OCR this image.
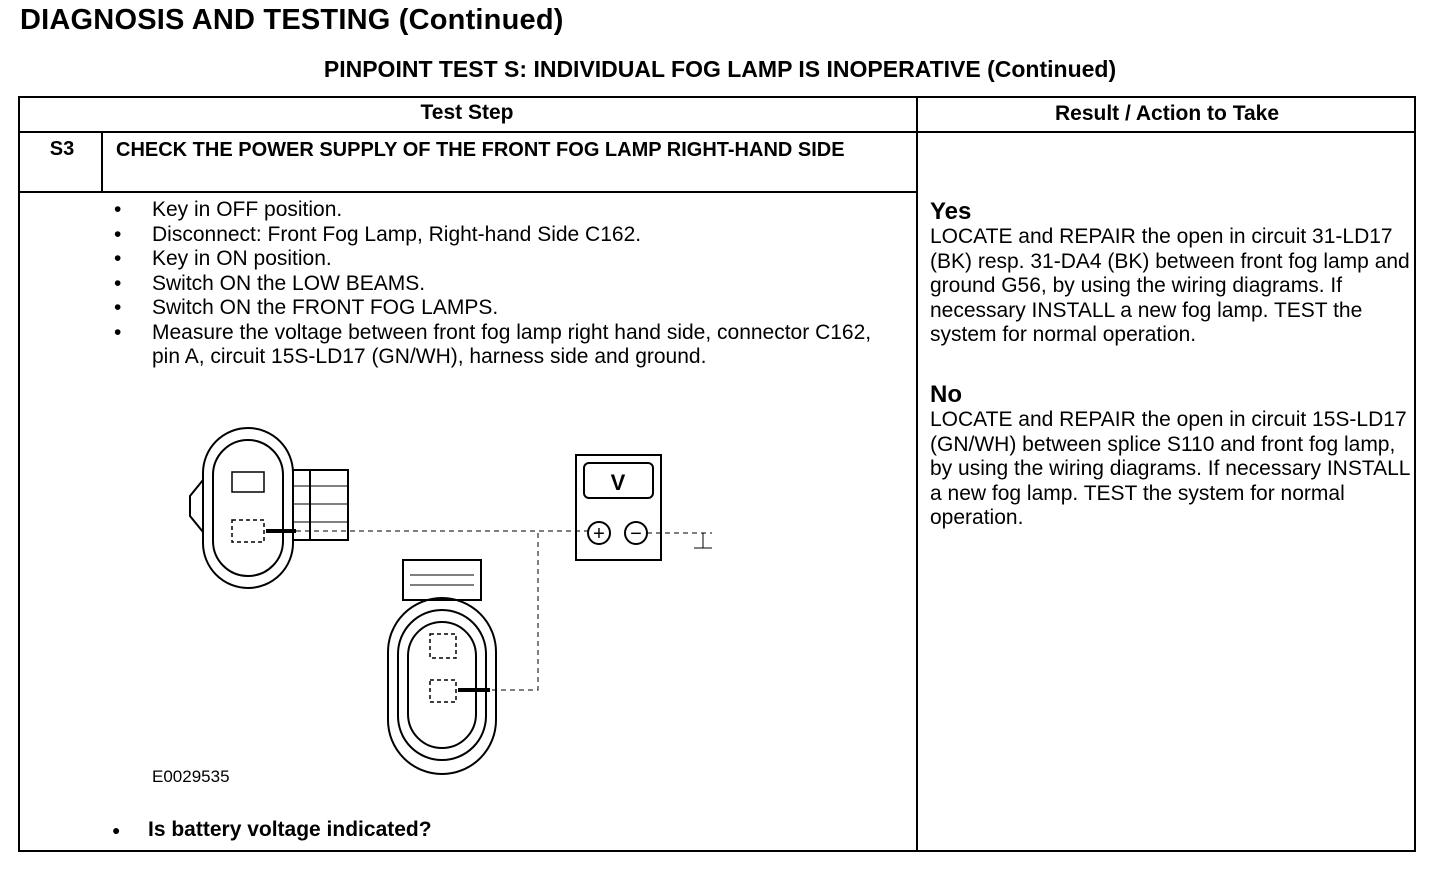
DIAGNOSIS AND TESTING (Continued)
PINPOINT TEST S: INDIVIDUAL FOG LAMP IS INOPERATIVE (Continued)
Test Step	Result / Action to Take
S3	CHECK THE POWER SUPPLY OF THE FRONT FOG LAMP RIGHT-HAND SIDE
• Key in OFF position.
• Disconnect: Front Fog Lamp, Right-hand Side C162.
• Key in ON position.
• Switch ON the LOW BEAMS.
• Switch ON the FRONT FOG LAMPS.
• Measure the voltage between front fog lamp right hand side, connector C162, pin A, circuit 15S-LD17 (GN/WH), harness side and ground.
V
+ −
E0029535
● Is battery voltage indicated?
Yes
LOCATE and REPAIR the open in circuit 31-LD17 (BK) resp. 31-DA4 (BK) between front fog lamp and ground G56, by using the wiring diagrams. If necessary INSTALL a new fog lamp. TEST the system for normal operation.
No
LOCATE and REPAIR the open in circuit 15S-LD17 (GN/WH) between splice S110 and front fog lamp, by using the wiring diagrams. If necessary INSTALL a new fog lamp. TEST the system for normal operation.
